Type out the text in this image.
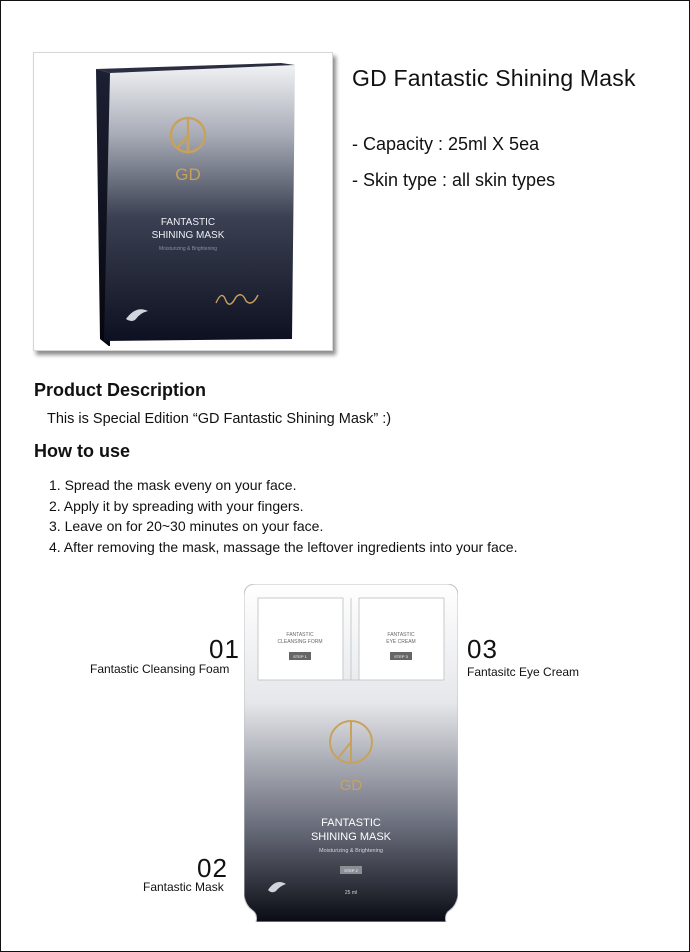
GD
FANTASTIC
SHINING MASK
Moisturizing & Brightening
GD Fantastic Shining Mask

- Capacity : 25ml X 5ea

- Skin type : all skin types

Product Description

This is Special Edition “GD Fantastic Shining Mask” :)

How to use
1. Spread the mask eveny on your face.
2. Apply it by spreading with your fingers.
3. Leave on for 20~30 minutes on your face.
4. After removing the mask, massage the leftover ingredients into your face.
FANTASTIC
CLEANSING FORM
STEP 1
FANTASTIC
EYE CREAM
STEP 3
GD
FANTASTIC
SHINING MASK
Moisturizing & Brightening
STEP 2
25 ml

01

Fantastic Cleansing Foam

03

Fantasitc Eye Cream

02

Fantastic Mask
